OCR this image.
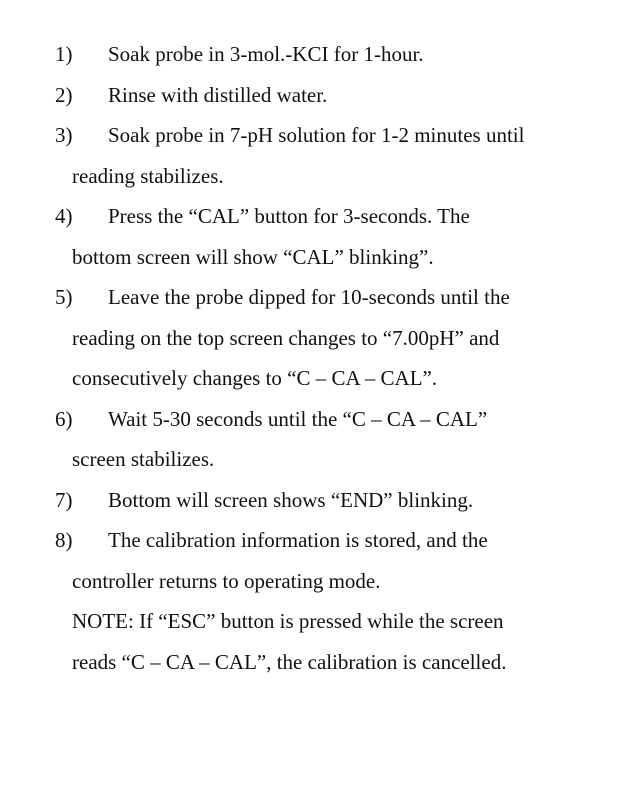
1)	Soak probe in 3-mol.-KCI for 1-hour.
2)	Rinse with distilled water.
3)	Soak probe in 7-pH solution for 1-2 minutes until
reading stabilizes.
4)	Press the “CAL” button for 3-seconds. The
bottom screen will show “CAL” blinking”.
5)	Leave the probe dipped for 10-seconds until the
reading on the top screen changes to “7.00pH” and
consecutively changes to “C – CA – CAL”.
6)	Wait 5-30 seconds until the “C – CA – CAL”
screen stabilizes.
7)	Bottom will screen shows “END” blinking.
8)	The calibration information is stored, and the
controller returns to operating mode.
NOTE: If “ESC” button is pressed while the screen
reads “C – CA – CAL”, the calibration is cancelled.
